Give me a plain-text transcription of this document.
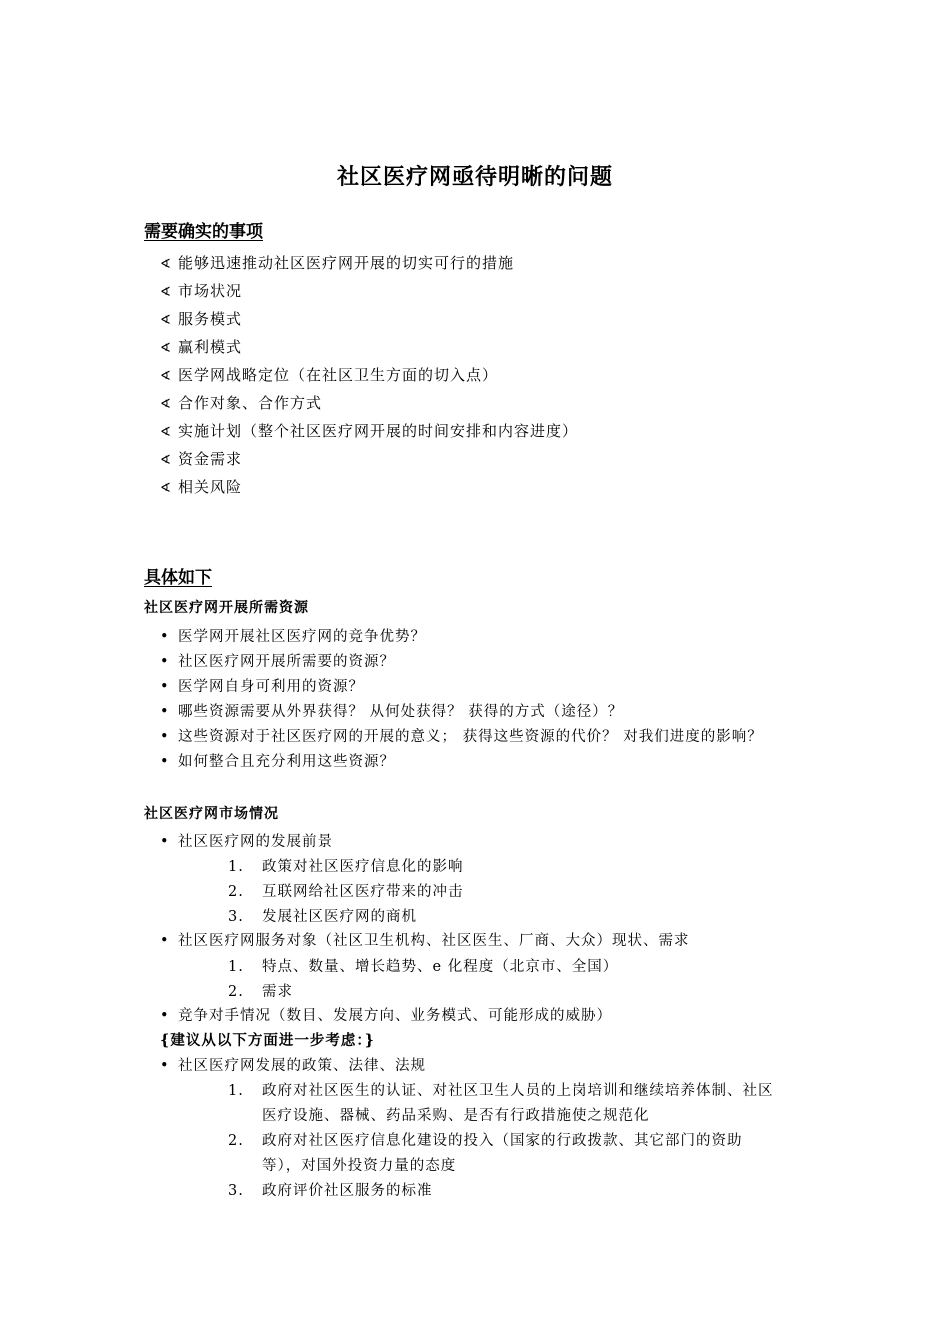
社区医疗网亟待明晰的问题
需要确实的事项
∢ 能够迅速推动社区医疗网开展的切实可行的措施
∢ 市场状况
∢ 服务模式
∢ 赢利模式
∢ 医学网战略定位（在社区卫生方面的切入点）
∢ 合作对象、合作方式
∢ 实施计划（整个社区医疗网开展的时间安排和内容进度）
∢ 资金需求
∢ 相关风险
具体如下
社区医疗网开展所需资源
• 医学网开展社区医疗网的竞争优势？
• 社区医疗网开展所需要的资源？
• 医学网自身可利用的资源？
• 哪些资源需要从外界获得？ 从何处获得？ 获得的方式（途径）？
• 这些资源对于社区医疗网的开展的意义； 获得这些资源的代价？ 对我们进度的影响？
• 如何整合且充分利用这些资源？
社区医疗网市场情况
• 社区医疗网的发展前景
1. 政策对社区医疗信息化的影响
2. 互联网给社区医疗带来的冲击
3. 发展社区医疗网的商机
• 社区医疗网服务对象（社区卫生机构、社区医生、厂商、大众）现状、需求
1. 特点、数量、增长趋势、e 化程度（北京市、全国）
2. 需求
• 竞争对手情况（数目、发展方向、业务模式、可能形成的威胁）
{建议从以下方面进一步考虑：}
• 社区医疗网发展的政策、法律、法规
1. 政府对社区医生的认证、对社区卫生人员的上岗培训和继续培养体制、社区
医疗设施、器械、药品采购、是否有行政措施使之规范化
2. 政府对社区医疗信息化建设的投入（国家的行政拨款、其它部门的资助
等），对国外投资力量的态度
3. 政府评价社区服务的标准
